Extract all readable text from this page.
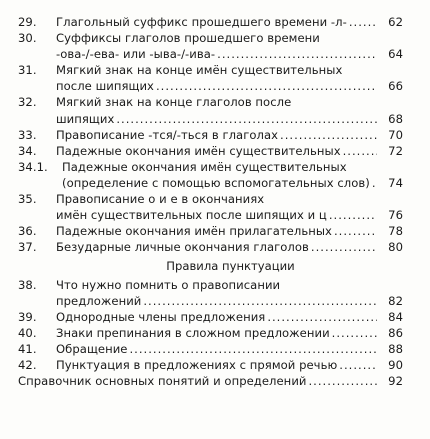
29.	Глагольный суффикс прошедшего времени -л- .....	62
30.	Суффиксы глаголов прошедшего времени
-ова-/-ева- или -ыва-/-ива- .....	64
31.	Мягкий знак на конце имён существительных
после шипящих .....	66
32.	Мягкий знак на конце глаголов после
шипящих .....	68
33.	Правописание -тся/-ться в глаголах .....	70
34.	Падежные окончания имён существительных .....	72
34.1.	Падежные окончания имён существительных
(определение с помощью вспомогательных слов) .....	74
35.	Правописание о и е в окончаниях
имён существительных после шипящих и ц .....	76
36.	Падежные окончания имён прилагательных .....	78
37.	Безударные личные окончания глаголов .....	80
Правила пунктуации
38.	Что нужно помнить о правописании
предложений .....	82
39.	Однородные члены предложения .....	84
40.	Знаки препинания в сложном предложении .....	86
41.	Обращение .....	88
42.	Пунктуация в предложениях с прямой речью .....	90
Справочник основных понятий и определений .....	92
